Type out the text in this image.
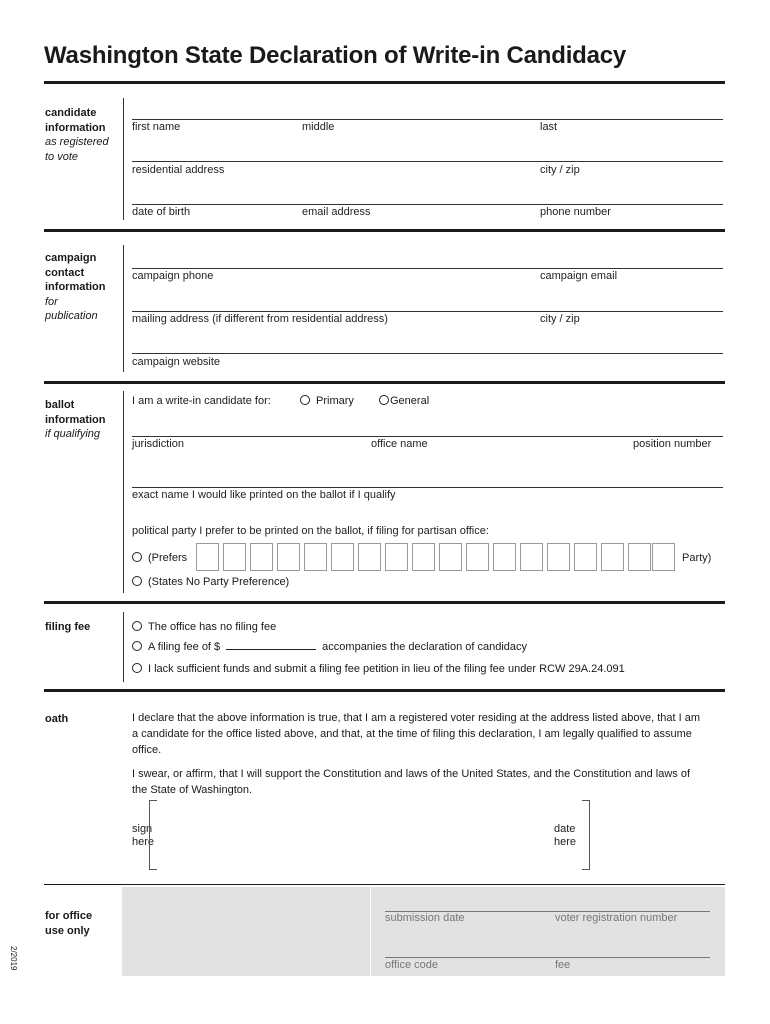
Washington State Declaration of Write-in Candidacy
candidate
information
as registered
to vote
first name	middle	last
residential address	city / zip
date of birth	email address	phone number
campaign
contact
information
for
publication
campaign phone	campaign email
mailing address (if different from residential address)	city / zip
campaign website
ballot
information
if qualifying
I am a write-in candidate for:	Primary	General
jurisdiction	office name	position number
exact name I would like printed on the ballot if I qualify
political party I prefer to be printed on the ballot, if filing for partisan office:
(Prefers	Party)
(States No Party Preference)
filing fee	The office has no filing fee
A filing fee of $	accompanies the declaration of candidacy
I lack sufficient funds and submit a filing fee petition in lieu of the filing fee under RCW 29A.24.091
oath	I declare that the above information is true, that I am a registered voter residing at the address listed above, that I am a candidate for the office listed above, and that, at the time of filing this declaration, I am legally qualified to assume office.
I swear, or affirm, that I will support the Constitution and laws of the United States, and the Constitution and laws of the State of Washington.
sign
here
date
here
for office
use only
submission date	voter registration number
office code	fee
2/2019
